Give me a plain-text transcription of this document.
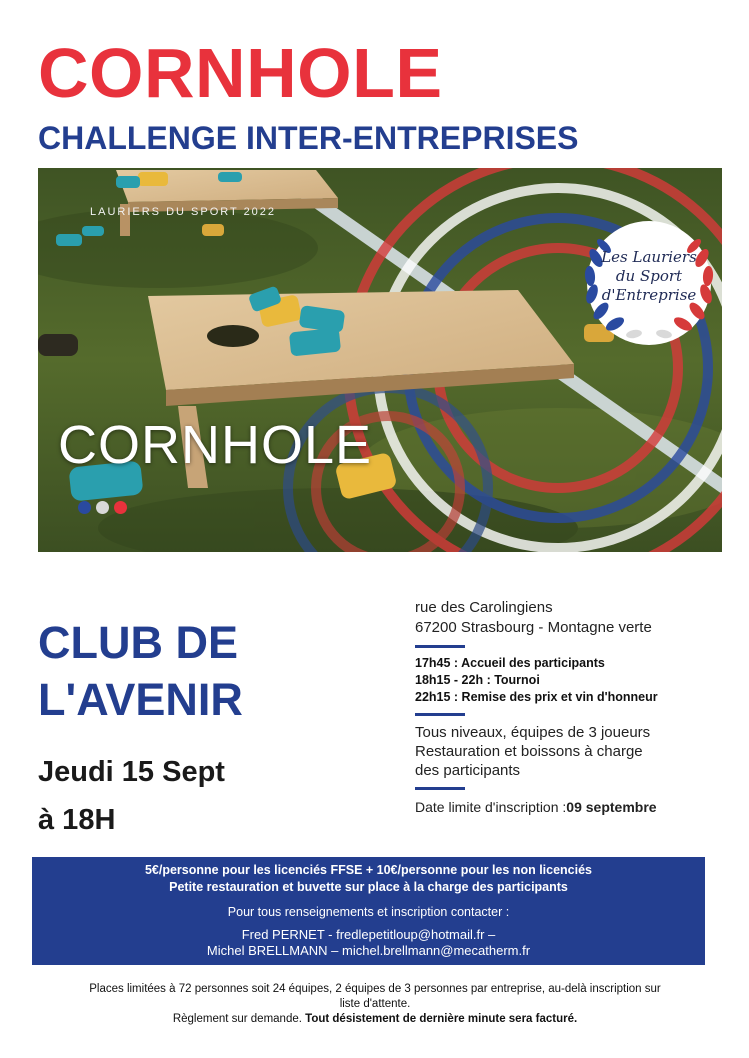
CORNHOLE
CHALLENGE INTER-ENTREPRISES
LAURIERS DU SPORT 2022
Les Lauriers
du Sport
d'Entreprise
CORNHOLE
CLUB DE
L'AVENIR
Jeudi 15 Sept
à 18H
rue des Carolingiens
67200 Strasbourg - Montagne verte
17h45 : Accueil des participants
18h15 - 22h : Tournoi
22h15 : Remise des prix et vin d'honneur
Tous niveaux, équipes de 3 joueurs
Restauration et boissons à charge
des participants
Date limite d'inscription :09 septembre
5€/personne pour les licenciés FFSE + 10€/personne pour les non licenciés
Petite restauration et buvette sur place à la charge des participants
Pour tous renseignements et inscription contacter :
Fred PERNET - fredlepetitloup@hotmail.fr –
Michel BRELLMANN – michel.brellmann@mecatherm.fr
Places limitées à 72 personnes soit 24 équipes, 2 équipes de 3 personnes par entreprise, au-delà inscription sur
liste d'attente.
Règlement sur demande. Tout désistement de dernière minute sera facturé.
